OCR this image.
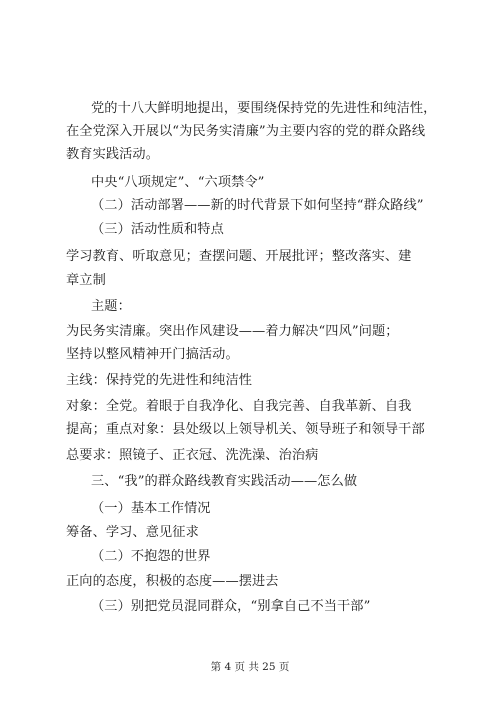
党的十八大鲜明地提出，要围绕保持党的先进性和纯洁性，
在全党深入开展以“为民务实清廉”为主要内容的党的群众路线
教育实践活动。
中央“八项规定”、“六项禁令”
（二）活动部署——新的时代背景下如何坚持“群众路线”
（三）活动性质和特点
学习教育、听取意见；查摆问题、开展批评；整改落实、建
章立制
主题：
为民务实清廉。突出作风建设——着力解决“四风”问题；
坚持以整风精神开门搞活动。
主线：保持党的先进性和纯洁性
对象：全党。着眼于自我净化、自我完善、自我革新、自我
提高；重点对象：县处级以上领导机关、领导班子和领导干部
总要求：照镜子、正衣冠、洗洗澡、治治病
三、“我”的群众路线教育实践活动——怎么做
（一）基本工作情况
筹备、学习、意见征求
（二）不抱怨的世界
正向的态度，积极的态度——摆进去
（三）别把党员混同群众，“别拿自己不当干部”
第 4 页 共 25 页
